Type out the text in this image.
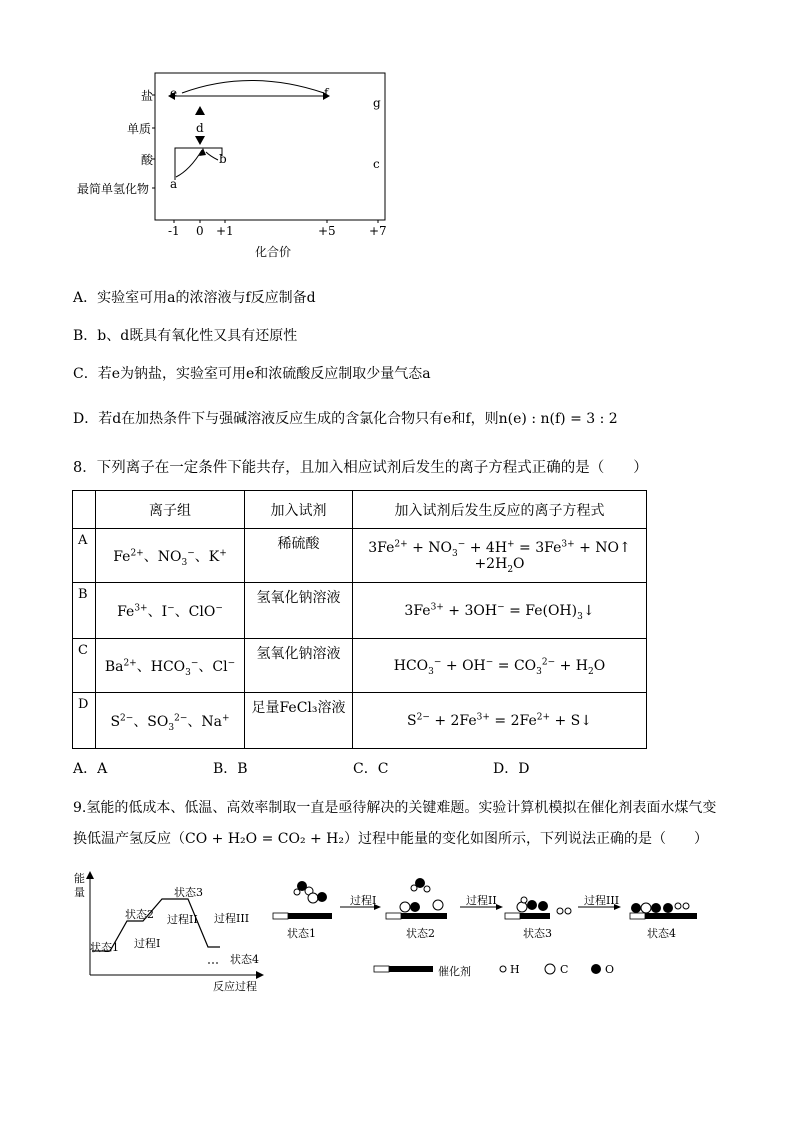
盐
单质
酸
最简单氢化物
-1 0 +1	+5	+7
化合价
e	f
g
d
b	c
a
A．实验室可用a的浓溶液与f反应制备d
B．b、d既具有氧化性又具有还原性
C．若e为钠盐，实验室可用e和浓硫酸反应制取少量气态a
D．若d在加热条件下与强碱溶液反应生成的含氯化合物只有e和f，则n(e) : n(f) = 3 : 2
8．下列离子在一定条件下能共存，且加入相应试剂后发生的离子方程式正确的是（　　）
	离子组	加入试剂	加入试剂后发生反应的离子方程式
A	$Fe^{2+}$、$NO_3^-$、K+	稀硫酸	$3Fe^{2+} + NO_3^- + 4H^+ = 3Fe^{3+}$ + NO↑ $+2H_2O$
B	$Fe^{3+}$、I−、ClO−	氢氧化钠溶液	$3Fe^{3+} + 3OH^-$ = $Fe(OH)_3↓$
C	$Ba^{2+}$、$HCO_3^-$、Cl−	氢氧化钠溶液	$HCO_3^- + OH^- = CO_3^{2-} + H_2O$
D	$S^{2-}$、$SO_3^{2-}$、Na+	足量FeCl₃溶液	$S^{2-} + 2Fe^{3+} = 2Fe^{2+}$ + S↓
A．A	B．B	C．C	D．D
9.氢能的低成本、低温、高效率制取一直是亟待解决的关键难题。实验计算机模拟在催化剂表面水煤气变
换低温产氢反应（CO + H₂O = CO₂ + H₂）过程中能量的变化如图所示，下列说法正确的是（　　）
能
量
反应过程
状态1
状态2
状态3
状态4
过程I
过程II 过程III
过程I	过程II	过程III
状态1	状态2	状态3	状态4
催化剂	H	C	O
